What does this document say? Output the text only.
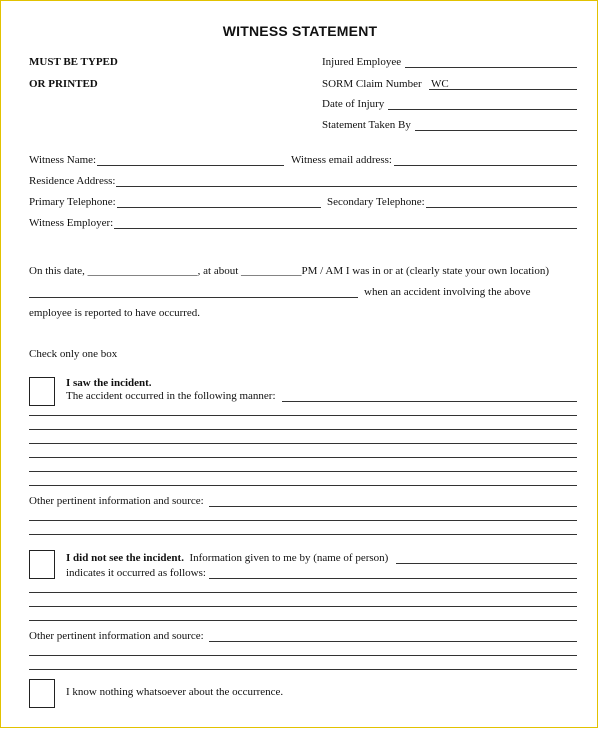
WITNESS STATEMENT
MUST BE TYPED
OR PRINTED
Injured Employee
SORM Claim Number WC
Date of Injury
Statement Taken By
Witness Name:	Witness email address:
Residence Address:
Primary Telephone:	Secondary Telephone:
Witness Employer:
On this date, ____________________, at about ___________PM / AM I was in or at (clearly state your own location)
when an accident involving the above
employee is reported to have occurred.
Check only one box
I saw the incident.
The accident occurred in the following manner:
Other pertinent information and source:
I did not see the incident. Information given to me by (name of person)
indicates it occurred as follows:
Other pertinent information and source:
I know nothing whatsoever about the occurrence.
